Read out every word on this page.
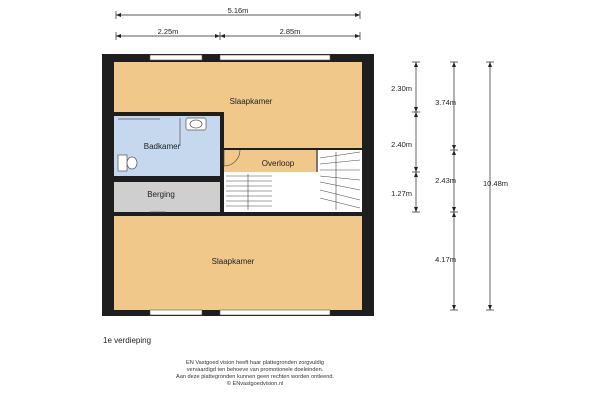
Slaapkamer
Badkamer
Overloop
Berging
Slaapkamer
5.16m
2.25m	2.85m
2.30m
2.40m
1.27m
3.74m
2.43m
4.17m
10.48m
1e verdieping
EN Vastgoed vision heeft haar plattegronden zorgvuldig
vervaardigd ten behoeve van promotionele doeleinden.
Aan deze plattegronden kunnen geen rechten worden ontleend.
© ENvastgoedvision.nl
